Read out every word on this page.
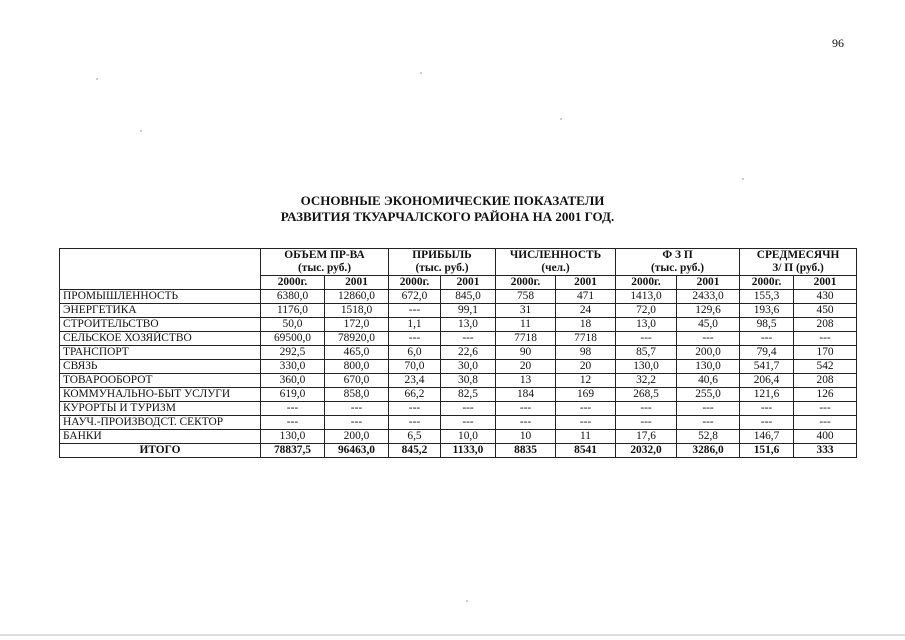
96
ОСНОВНЫЕ ЭКОНОМИЧЕСКИЕ ПОКАЗАТЕЛИ
РАЗВИТИЯ ТКУАРЧАЛСКОГО РАЙОНА НА 2001 ГОД.
	ОБЪЕМ ПР-ВА
(тыс. руб.)		ПРИБЫЛЬ
(тыс. руб.)		ЧИСЛЕННОСТЬ
(чел.)		Ф З П
(тыс. руб.)		СРЕДМЕСЯЧН
З/ П (руб.)	

	2000г.	2001	2000г.	2001	2000г.	2001	2000г.	2001	2000г.	2001
ПРОМЫШЛЕННОСТЬ	6380,0	12860,0	672,0	845,0	758	471	1413,0	2433,0	155,3	430
ЭНЕРГЕТИКА	1176,0	1518,0	---	99,1	31	24	72,0	129,6	193,6	450
СТРОИТЕЛЬСТВО	50,0	172,0	1,1	13,0	11	18	13,0	45,0	98,5	208
СЕЛЬСКОЕ ХОЗЯЙСТВО	69500,0	78920,0	---	---	7718	7718	---	---	---	---
ТРАНСПОРТ	292,5	465,0	6,0	22,6	90	98	85,7	200,0	79,4	170
СВЯЗЬ	330,0	800,0	70,0	30,0	20	20	130,0	130,0	541,7	542
ТОВАРООБОРОТ	360,0	670,0	23,4	30,8	13	12	32,2	40,6	206,4	208
КОММУНАЛЬНО-БЫТ УСЛУГИ	619,0	858,0	66,2	82,5	184	169	268,5	255,0	121,6	126
КУРОРТЫ И ТУРИЗМ	---	---	---	---	---	---	---	---	---	---
НАУЧ.-ПРОИЗВОДСТ. СЕКТОР	---	---	---	---	---	---	---	---	---	---
БАНКИ	130,0	200,0	6,5	10,0	10	11	17,6	52,8	146,7	400
ИТОГО	78837,5	96463,0	845,2	1133,0	8835	8541	2032,0	3286,0	151,6	333
